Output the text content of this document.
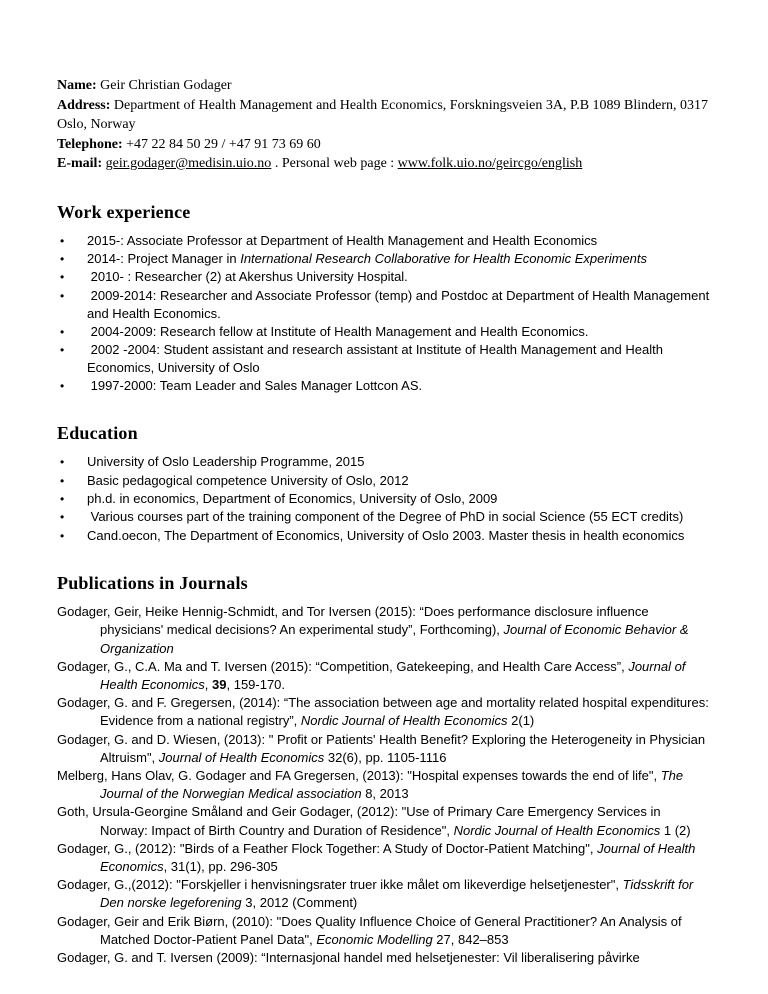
Name: Geir Christian Godager

Address: Department of Health Management and Health Economics, Forskningsveien 3A, P.B 1089 Blindern, 0317 Oslo, Norway

Telephone: +47 22 84 50 29 / +47 91 73 69 60

E-mail: geir.godager@medisin.uio.no . Personal web page : www.folk.uio.no/geircgo/english

Work experience
• 2015-: Associate Professor at Department of Health Management and Health Economics
• 2014-: Project Manager in International Research Collaborative for Health Economic Experiments
• 2010- : Researcher (2) at Akershus University Hospital.
• 2009-2014: Researcher and Associate Professor (temp) and Postdoc at Department of Health Management and Health Economics.
• 2004-2009: Research fellow at Institute of Health Management and Health Economics.
• 2002 -2004: Student assistant and research assistant at Institute of Health Management and Health Economics, University of Oslo
• 1997-2000: Team Leader and Sales Manager Lottcon AS.
Education
• University of Oslo Leadership Programme, 2015
• Basic pedagogical competence University of Oslo, 2012
• ph.d. in economics, Department of Economics, University of Oslo, 2009
• Various courses part of the training component of the Degree of PhD in social Science (55 ECT credits)
• Cand.oecon, The Department of Economics, University of Oslo 2003. Master thesis in health economics
Publications in Journals

Godager, Geir, Heike Hennig-Schmidt, and Tor Iversen (2015): “Does performance disclosure influence physicians' medical decisions? An experimental study”, Forthcoming), Journal of Economic Behavior & Organization

Godager, G., C.A. Ma and T. Iversen (2015): “Competition, Gatekeeping, and Health Care Access”, Journal of Health Economics, 39, 159-170.

Godager, G. and F. Gregersen, (2014): “The association between age and mortality related hospital expenditures: Evidence from a national registry”, Nordic Journal of Health Economics 2(1)

Godager, G. and D. Wiesen, (2013): " Profit or Patients' Health Benefit? Exploring the Heterogeneity in Physician Altruism", Journal of Health Economics 32(6), pp. 1105-1116

Melberg, Hans Olav, G. Godager and FA Gregersen, (2013): "Hospital expenses towards the end of life", The Journal of the Norwegian Medical association 8, 2013

Goth, Ursula-Georgine Småland and Geir Godager, (2012): "Use of Primary Care Emergency Services in Norway: Impact of Birth Country and Duration of Residence", Nordic Journal of Health Economics 1 (2)

Godager, G., (2012): "Birds of a Feather Flock Together: A Study of Doctor-Patient Matching", Journal of Health Economics, 31(1), pp. 296-305

Godager, G.,(2012): "Forskjeller i henvisningsrater truer ikke målet om likeverdige helsetjenester", Tidsskrift for Den norske legeforening 3, 2012 (Comment)

Godager, Geir and Erik Biørn, (2010): "Does Quality Influence Choice of General Practitioner? An Analysis of Matched Doctor-Patient Panel Data", Economic Modelling 27, 842–853

Godager, G. and T. Iversen (2009): “Internasjonal handel med helsetjenester: Vil liberalisering påvirke
